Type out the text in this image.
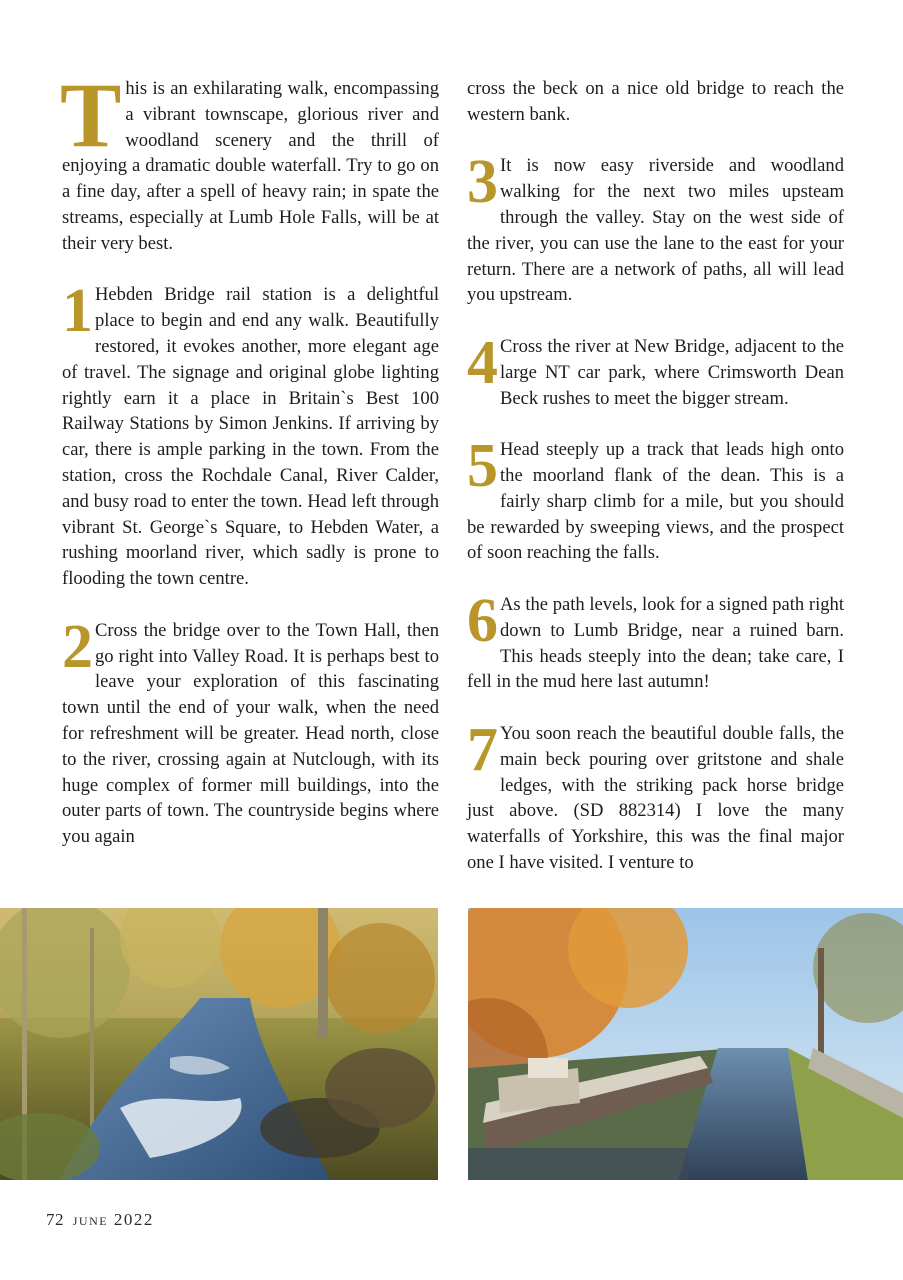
This is an exhilarating walk, encompassing a vibrant townscape, glorious river and woodland scenery and the thrill of enjoying a dramatic double waterfall. Try to go on a fine day, after a spell of heavy rain; in spate the streams, especially at Lumb Hole Falls, will be at their very best.

1 Hebden Bridge rail station is a delightful place to begin and end any walk. Beautifully restored, it evokes another, more elegant age of travel. The signage and original globe lighting rightly earn it a place in Britain`s Best 100 Railway Stations by Simon Jenkins. If arriving by car, there is ample parking in the town. From the station, cross the Rochdale Canal, River Calder, and busy road to enter the town. Head left through vibrant St. George`s Square, to Hebden Water, a rushing moorland river, which sadly is prone to flooding the town centre.

2 Cross the bridge over to the Town Hall, then go right into Valley Road. It is perhaps best to leave your exploration of this fascinating town until the end of your walk, when the need for refreshment will be greater. Head north, close to the river, crossing again at Nutclough, with its huge complex of former mill buildings, into the outer parts of town. The countryside begins where you again

cross the beck on a nice old bridge to reach the western bank.

3 It is now easy riverside and woodland walking for the next two miles upsteam through the valley. Stay on the west side of the river, you can use the lane to the east for your return. There are a network of paths, all will lead you upstream.

4 Cross the river at New Bridge, adjacent to the large NT car park, where Crimsworth Dean Beck rushes to meet the bigger stream.

5 Head steeply up a track that leads high onto the moorland flank of the dean. This is a fairly sharp climb for a mile, but you should be rewarded by sweeping views, and the prospect of soon reaching the falls.

6 As the path levels, look for a signed path right down to Lumb Bridge, near a ruined barn. This heads steeply into the dean; take care, I fell in the mud here last autumn!

7 You soon reach the beautiful double falls, the main beck pouring over gritstone and shale ledges, with the striking pack horse bridge just above. (SD 882314) I love the many waterfalls of Yorkshire, this was the final major one I have visited. I venture to

72 june 2022
